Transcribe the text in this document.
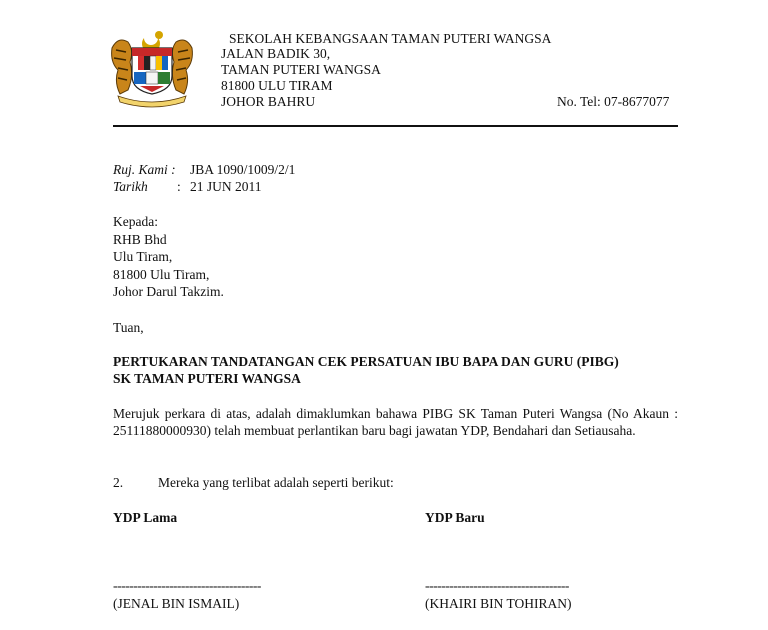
SEKOLAH KEBANGSAAN TAMAN PUTERI WANGSA
JALAN BADIK 30,
TAMAN PUTERI WANGSA
81800 ULU TIRAM
JOHOR BAHRU	No. Tel: 07-8677077
Ruj. Kami : JBA 1090/1009/2/1
Tarikh : 21 JUN 2011
Kepada:
RHB Bhd
Ulu Tiram,
81800 Ulu Tiram,
Johor Darul Takzim.
Tuan,
PERTUKARAN TANDATANGAN CEK PERSATUAN IBU BAPA DAN GURU (PIBG)
SK TAMAN PUTERI WANGSA
Merujuk perkara di atas, adalah dimaklumkan bahawa PIBG SK Taman Puteri Wangsa (No Akaun : 25111880000930) telah membuat perlantikan baru bagi jawatan YDP, Bendahari dan Setiausaha.
2.	Mereka yang terlibat adalah seperti berikut:
YDP Lama	YDP Baru
-------------------------------------	------------------------------------
(JENAL BIN ISMAIL)	(KHAIRI BIN TOHIRAN)
